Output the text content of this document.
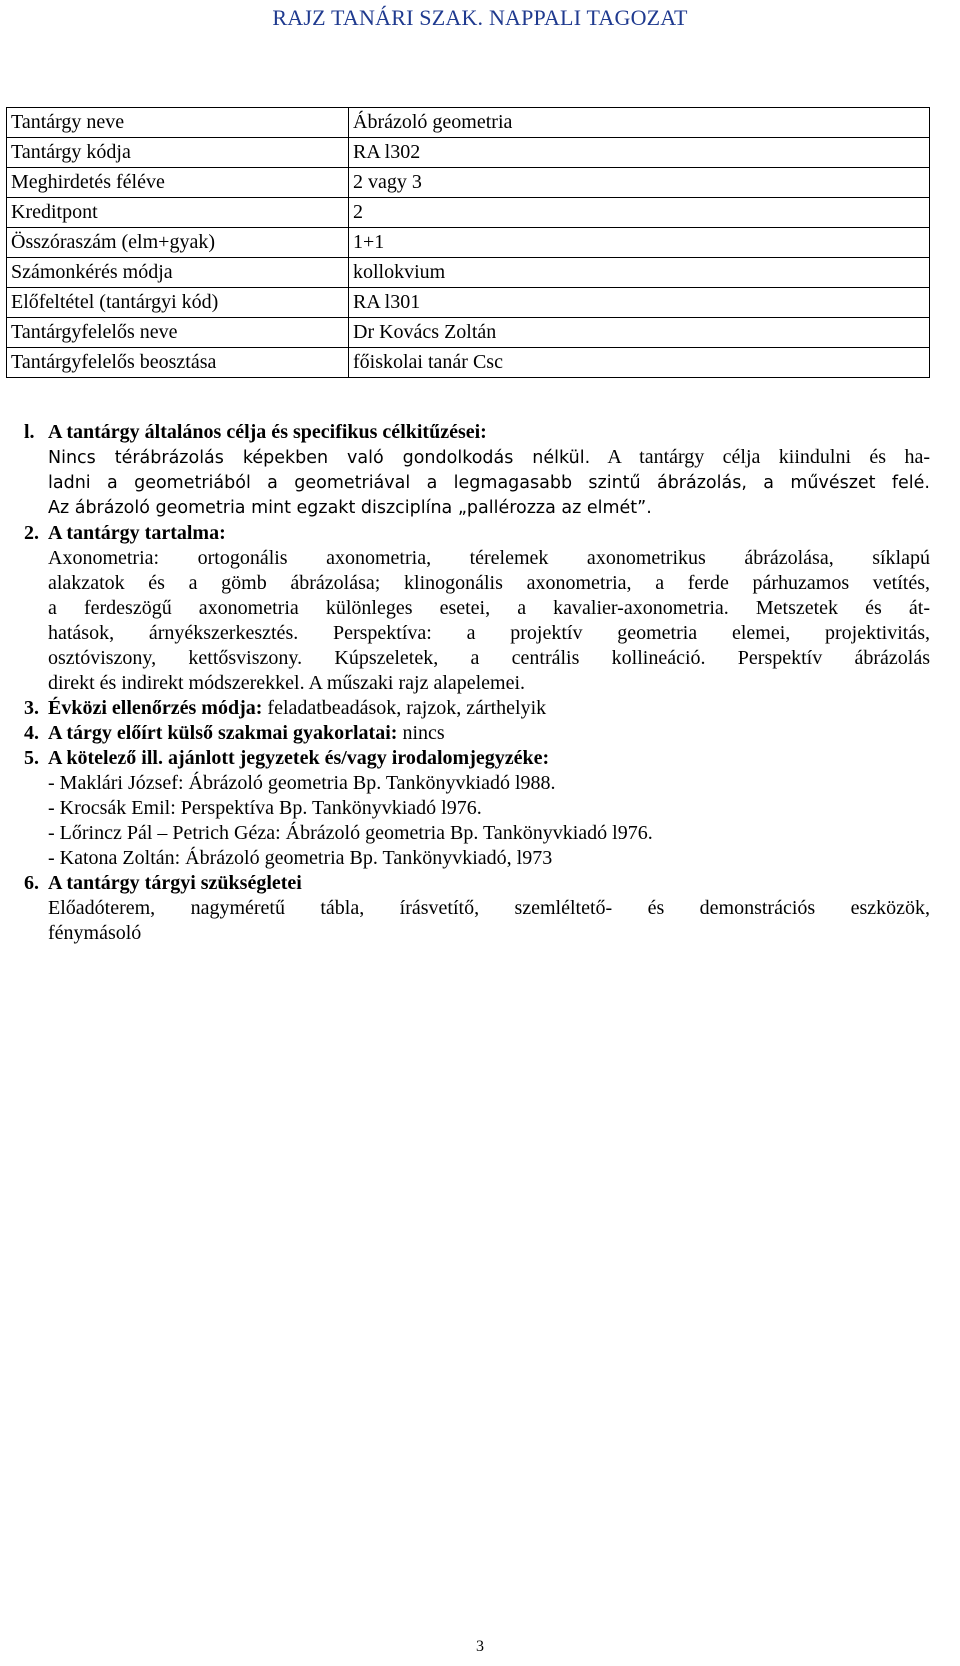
RAJZ TANÁRI SZAK. NAPPALI TAGOZAT
Tantárgy neve	Ábrázoló geometria
Tantárgy kódja	RA l302
Meghirdetés féléve	2 vagy 3
Kreditpont	2
Összóraszám (elm+gyak)	1+1
Számonkérés módja	kollokvium
Előfeltétel (tantárgyi kód)	RA l301
Tantárgyfelelős neve	Dr Kovács Zoltán
Tantárgyfelelős beosztása	főiskolai tanár Csc
l. A tantárgy általános célja és specifikus célkitűzései:
Nincs térábrázolás képekben való gondolkodás nélkül. A tantárgy célja kiindulni és ha-
ladni a geometriából a geometriával a legmagasabb szintű ábrázolás, a művészet felé.
Az ábrázoló geometria mint egzakt diszciplína „pallérozza az elmét”.
2. A tantárgy tartalma:
Axonometria: ortogonális axonometria, térelemek axonometrikus ábrázolása, síklapú
alakzatok és a gömb ábrázolása; klinogonális axonometria, a ferde párhuzamos vetítés,
a ferdeszögű axonometria különleges esetei, a kavalier-axonometria. Metszetek és át-
hatások, árnyékszerkesztés. Perspektíva: a projektív geometria elemei, projektivitás,
osztóviszony, kettősviszony. Kúpszeletek, a centrális kollineáció. Perspektív ábrázolás
direkt és indirekt módszerekkel. A műszaki rajz alapelemei.
3. Évközi ellenőrzés módja: feladatbeadások, rajzok, zárthelyik
4. A tárgy előírt külső szakmai gyakorlatai: nincs
5. A kötelező ill. ajánlott jegyzetek és/vagy irodalomjegyzéke:
- Maklári József: Ábrázoló geometria Bp. Tankönyvkiadó l988.
- Krocsák Emil: Perspektíva Bp. Tankönyvkiadó l976.
- Lőrincz Pál – Petrich Géza: Ábrázoló geometria Bp. Tankönyvkiadó l976.
- Katona Zoltán: Ábrázoló geometria Bp. Tankönyvkiadó, l973
6. A tantárgy tárgyi szükségletei
Előadóterem, nagyméretű tábla, írásvetítő, szemléltető- és demonstrációs eszközök,
fénymásoló
3
